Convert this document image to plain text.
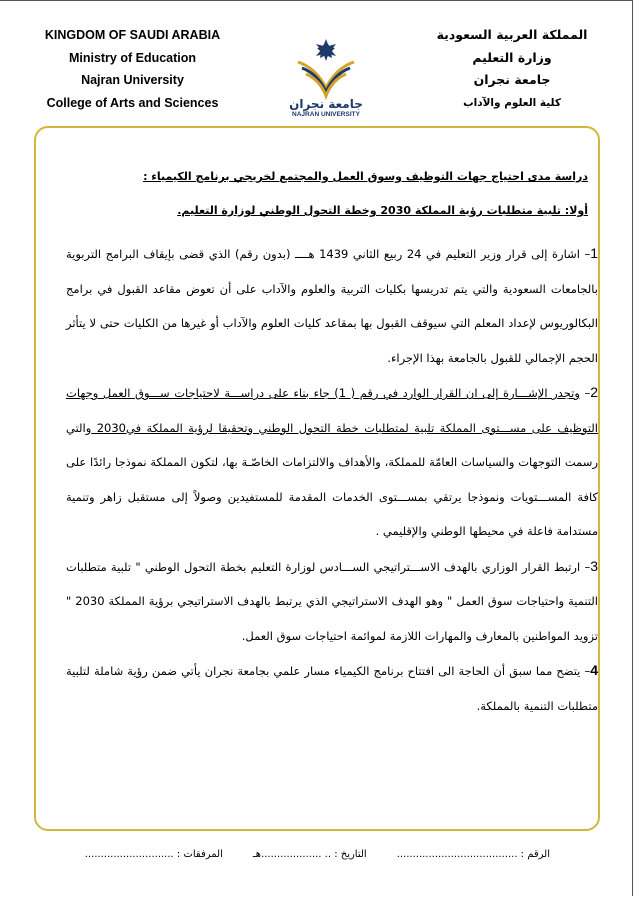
KINGDOM OF SAUDI ARABIA
Ministry of Education
Najran University
College of Arts and Sciences	جامعة نجران
NAJRAN UNIVERSITY
المملكة العربية السعودية
وزارة التعليم
جامعة نجران
كلية العلوم والآداب

دراسة مدى احتياج جهات التوظيف وسوق العمل والمجتمع لخريجي برنامج الكيمياء :

أولا: تلبية متطلبات رؤية المملكة 2030 وخطة التحول الوطني لوزارة التعليم.

1– اشارة إلى قرار وزير التعليم في 24 ربيع الثاني 1439 هــــ (بدون رقم) الذي قضى بإيقاف البرامج التربوية بالجامعات السعودية والتي يتم تدريسها بكليات التربية والعلوم والآداب على أن تعوض مقاعد القبول في برامج البكالوريوس لإعداد المعلم التي سيوقف القبول بها بمقاعد كليات العلوم والآداب أو غيرها من الكليات حتى لا يتأثر الحجم الإجمالي للقبول بالجامعة بهذا الإجراء.

2– وتجدر الإشـــارة إلى ان القرار الوارد في رقم ( 1) جاء بناء على دراســـة لاحتياجات ســـوق العمل وجهات التوظيف على مســـتوى المملكة تلبية لمتطلبات خطة التحول الوطني وتحقيقا لرؤية المملكة في2030 والتي رسمت التوجهات والسياسات العامّة للمملكة، والأهداف والالتزامات الخاصّـة بها، لتكون المملكة نموذجا رائدًا على كافة المســـتويات ونموذجا يرتقي بمســـتوى الخدمات المقدمة للمستفيدين وصولاً إلى مستقبل زاهر وتنمية مستدامة فاعلة في محيطها الوطني والإقليمي .

3– ارتبط القرار الوزاري بالهدف الاســـتراتيجي الســـادس لوزارة التعليم بخطة التحول الوطني " تلبية متطلبات التنمية واحتياجات سوق العمل " وهو الهدف الاستراتيجي الذي يرتبط بالهدف الاستراتيجي برؤية المملكة 2030 " تزويد المواطنين بالمعارف والمهارات اللازمة لموائمة احتياجات سوق العمل.

4– يتضح مما سبق أن الحاجة الى افتتاح برنامج الكيمياء مسار علمي بجامعة نجران يأتي ضمن رؤية شاملة لتلبية متطلبات التنمية بالمملكة.

الرقم : ......................................
التاريخ : .. ...................هـ
المرفقات : ............................
